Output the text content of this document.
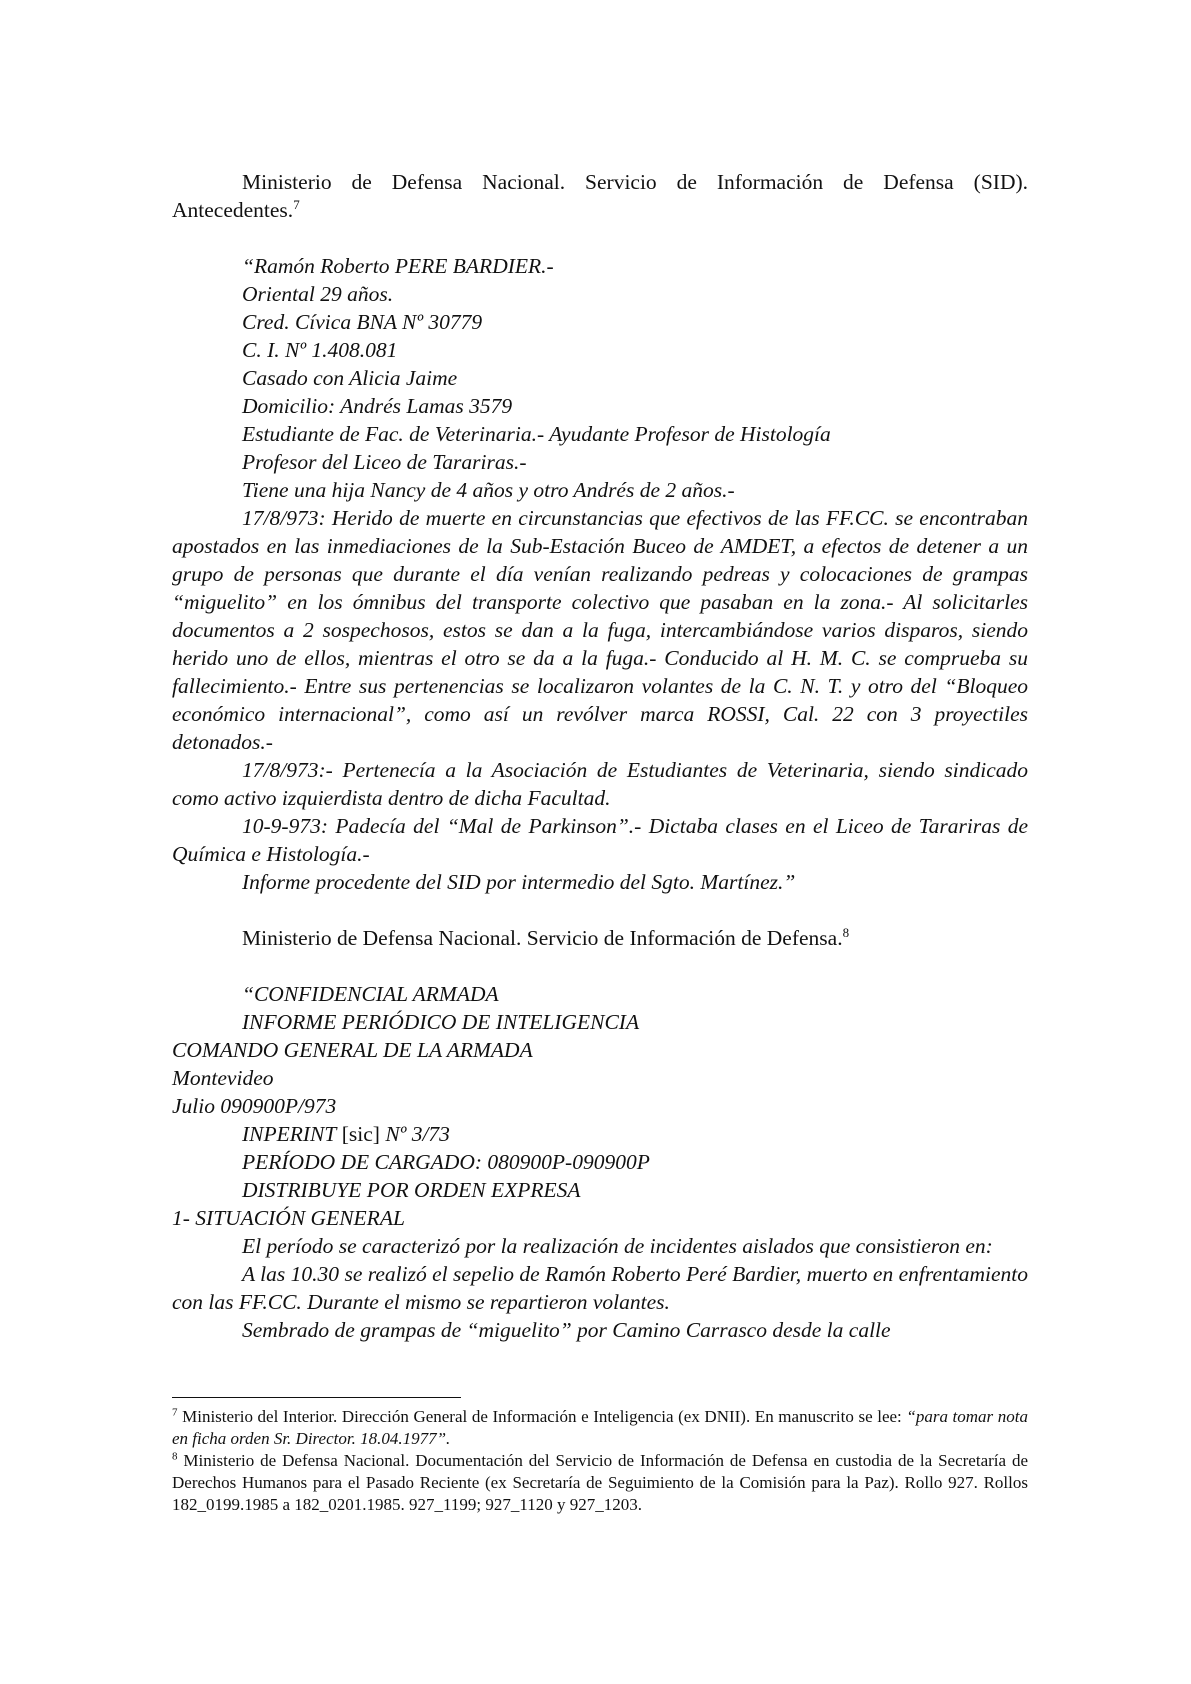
Ministerio de Defensa Nacional. Servicio de Información de Defensa (SID). Antecedentes.$^7$

“Ramón Roberto PERE BARDIER.-

Oriental 29 años.

Cred. Cívica BNA Nº 30779

C. I. Nº 1.408.081

Casado con Alicia Jaime

Domicilio: Andrés Lamas 3579

Estudiante de Fac. de Veterinaria.- Ayudante Profesor de Histología

Profesor del Liceo de Tarariras.-

Tiene una hija Nancy de 4 años y otro Andrés de 2 años.-

17/8/973: Herido de muerte en circunstancias que efectivos de las FF.CC. se encontraban apostados en las inmediaciones de la Sub-Estación Buceo de AMDET, a efectos de detener a un grupo de personas que durante el día venían realizando pedreas y colocaciones de grampas “miguelito” en los ómnibus del transporte colectivo que pasaban en la zona.- Al solicitarles documentos a 2 sospechosos, estos se dan a la fuga, intercambiándose varios disparos, siendo herido uno de ellos, mientras el otro se da a la fuga.- Conducido al H. M. C. se comprueba su fallecimiento.- Entre sus pertenencias se localizaron volantes de la C. N. T. y otro del “Bloqueo económico internacional”, como así un revólver marca ROSSI, Cal. 22 con 3 proyectiles detonados.-

17/8/973:- Pertenecía a la Asociación de Estudiantes de Veterinaria, siendo sindicado como activo izquierdista dentro de dicha Facultad.

10-9-973: Padecía del “Mal de Parkinson”.- Dictaba clases en el Liceo de Tarariras de Química e Histología.-

Informe procedente del SID por intermedio del Sgto. Martínez.”

Ministerio de Defensa Nacional. Servicio de Información de Defensa.$^8$

“CONFIDENCIAL ARMADA

INFORME PERIÓDICO DE INTELIGENCIA

COMANDO GENERAL DE LA ARMADA

Montevideo

Julio 090900P/973

INPERINT [sic] Nº 3/73

PERÍODO DE CARGADO: 080900P-090900P

DISTRIBUYE POR ORDEN EXPRESA

1- SITUACIÓN GENERAL

El período se caracterizó por la realización de incidentes aislados que consistieron en:

A las 10.30 se realizó el sepelio de Ramón Roberto Peré Bardier, muerto en enfrentamiento con las FF.CC. Durante el mismo se repartieron volantes.

Sembrado de grampas de “miguelito” por Camino Carrasco desde la calle

$^7$ Ministerio del Interior. Dirección General de Información e Inteligencia (ex DNII). En manuscrito se lee: “para tomar nota en ficha orden Sr. Director. 18.04.1977”.

$^8$ Ministerio de Defensa Nacional. Documentación del Servicio de Información de Defensa en custodia de la Secretaría de Derechos Humanos para el Pasado Reciente (ex Secretaría de Seguimiento de la Comisión para la Paz). Rollo 927. Rollos 182_0199.1985 a 182_0201.1985. 927_1199; 927_1120 y 927_1203.
